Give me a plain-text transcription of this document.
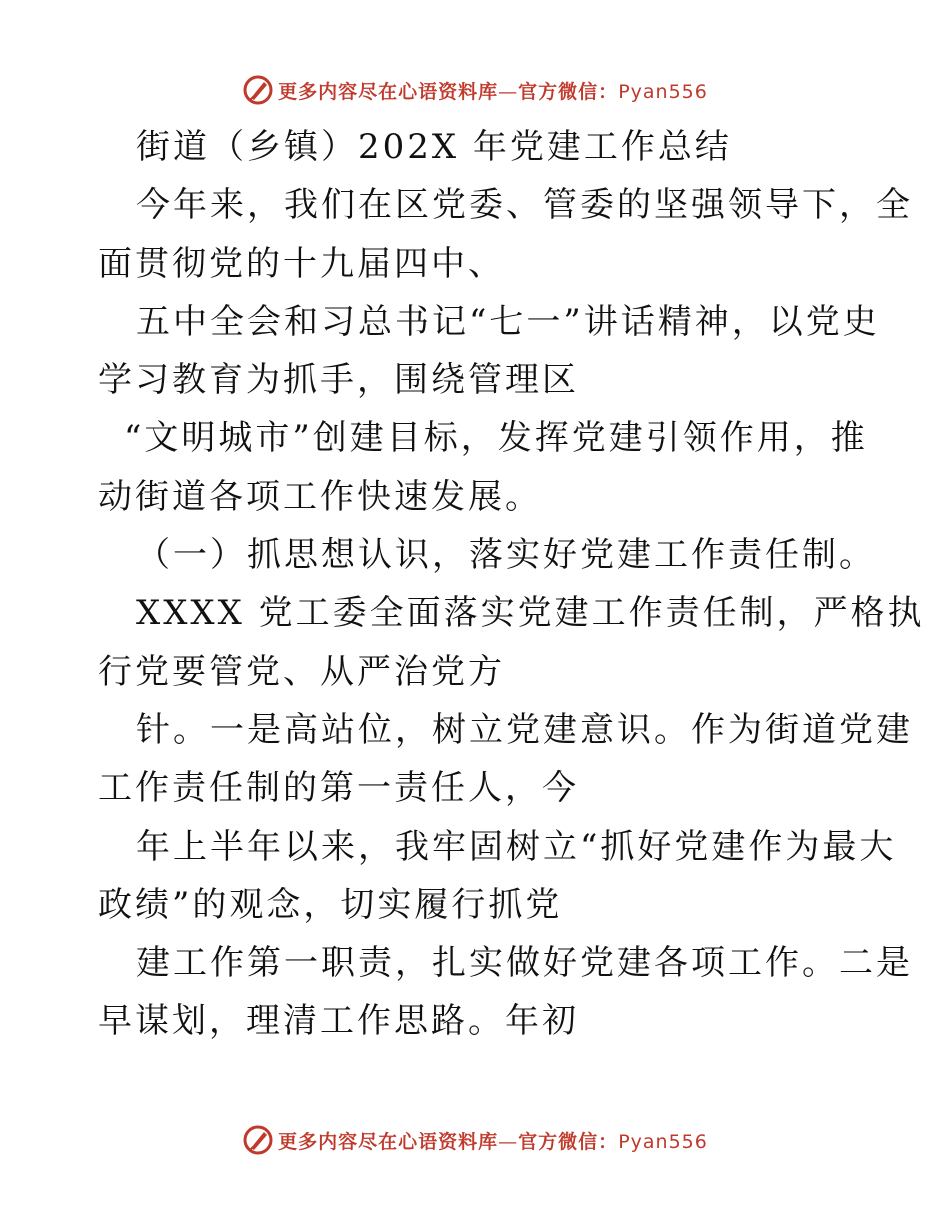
更多内容尽在心语资料库—官方微信：Pyan556
街道（乡镇）202X 年党建工作总结
今年来，我们在区党委、管委的坚强领导下，全
面贯彻党的十九届四中、
五中全会和习总书记“七一”讲话精神，以党史
学习教育为抓手，围绕管理区
“文明城市”创建目标，发挥党建引领作用，推
动街道各项工作快速发展。
（一）抓思想认识，落实好党建工作责任制。
XXXX 党工委全面落实党建工作责任制，严格执
行党要管党、从严治党方
针。一是高站位，树立党建意识。作为街道党建
工作责任制的第一责任人，今
年上半年以来，我牢固树立“抓好党建作为最大
政绩”的观念，切实履行抓党
建工作第一职责，扎实做好党建各项工作。二是
早谋划，理清工作思路。年初
更多内容尽在心语资料库—官方微信：Pyan556
